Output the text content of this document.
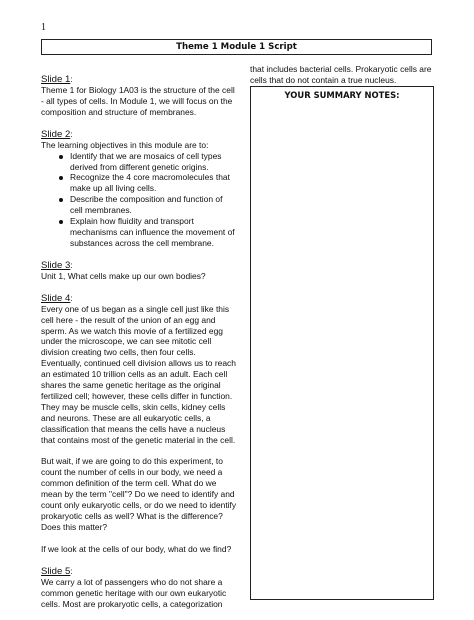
1
Theme 1 Module 1 Script

Slide 1:

Theme 1 for Biology 1A03 is the structure of the cell - all types of cells. In Module 1, we will focus on the composition and structure of membranes.

Slide 2:

The learning objectives in this module are to:

Identify that we are mosaics of cell types derived from different genetic origins.
Recognize the 4 core macromolecules that make up all living cells.
Describe the composition and function of cell membranes.
Explain how fluidity and transport mechanisms can influence the movement of substances across the cell membrane.

Slide 3:

Unit 1, What cells make up our own bodies?

Slide 4:

Every one of us began as a single cell just like this cell here - the result of the union of an egg and sperm. As we watch this movie of a fertilized egg under the microscope, we can see mitotic cell division creating two cells, then four cells. Eventually, continued cell division allows us to reach an estimated 10 trillion cells as an adult. Each cell shares the same genetic heritage as the original fertilized cell; however, these cells differ in function. They may be muscle cells, skin cells, kidney cells and neurons. These are all eukaryotic cells, a classification that means the cells have a nucleus that contains most of the genetic material in the cell.

But wait, if we are going to do this experiment, to count the number of cells in our body, we need a common definition of the term cell. What do we mean by the term "cell"? Do we need to identify and count only eukaryotic cells, or do we need to identify prokaryotic cells as well? What is the difference? Does this matter?

If we look at the cells of our body, what do we find?

Slide 5:

We carry a lot of passengers who do not share a common genetic heritage with our own eukaryotic cells. Most are prokaryotic cells, a categorization

that includes bacterial cells. Prokaryotic cells are cells that do not contain a true nucleus.
YOUR SUMMARY NOTES:
